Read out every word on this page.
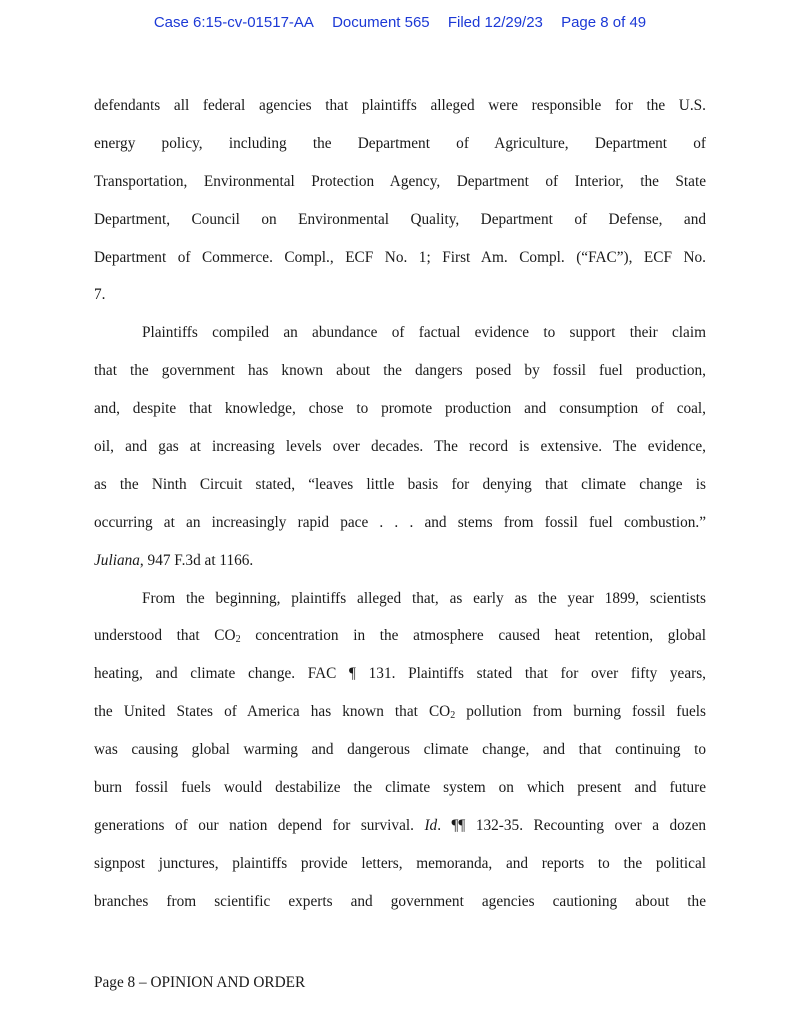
Case 6:15-cv-01517-AA Document 565 Filed 12/29/23 Page 8 of 49
defendants all federal agencies that plaintiffs alleged were responsible for the U.S.
energy policy, including the Department of Agriculture, Department of
Transportation, Environmental Protection Agency, Department of Interior, the State
Department, Council on Environmental Quality, Department of Defense, and
Department of Commerce. Compl., ECF No. 1; First Am. Compl. (“FAC”), ECF No.
7.
Plaintiffs compiled an abundance of factual evidence to support their claim
that the government has known about the dangers posed by fossil fuel production,
and, despite that knowledge, chose to promote production and consumption of coal,
oil, and gas at increasing levels over decades. The record is extensive. The evidence,
as the Ninth Circuit stated, “leaves little basis for denying that climate change is
occurring at an increasingly rapid pace . . . and stems from fossil fuel combustion.”
Juliana, 947 F.3d at 1166.
From the beginning, plaintiffs alleged that, as early as the year 1899, scientists
understood that $CO_2$ concentration in the atmosphere caused heat retention, global
heating, and climate change. FAC ¶ 131. Plaintiffs stated that for over fifty years,
the United States of America has known that $CO_2$ pollution from burning fossil fuels
was causing global warming and dangerous climate change, and that continuing to
burn fossil fuels would destabilize the climate system on which present and future
generations of our nation depend for survival. Id. ¶¶ 132-35. Recounting over a dozen
signpost junctures, plaintiffs provide letters, memoranda, and reports to the political
branches from scientific experts and government agencies cautioning about the
Page 8 – OPINION AND ORDER
